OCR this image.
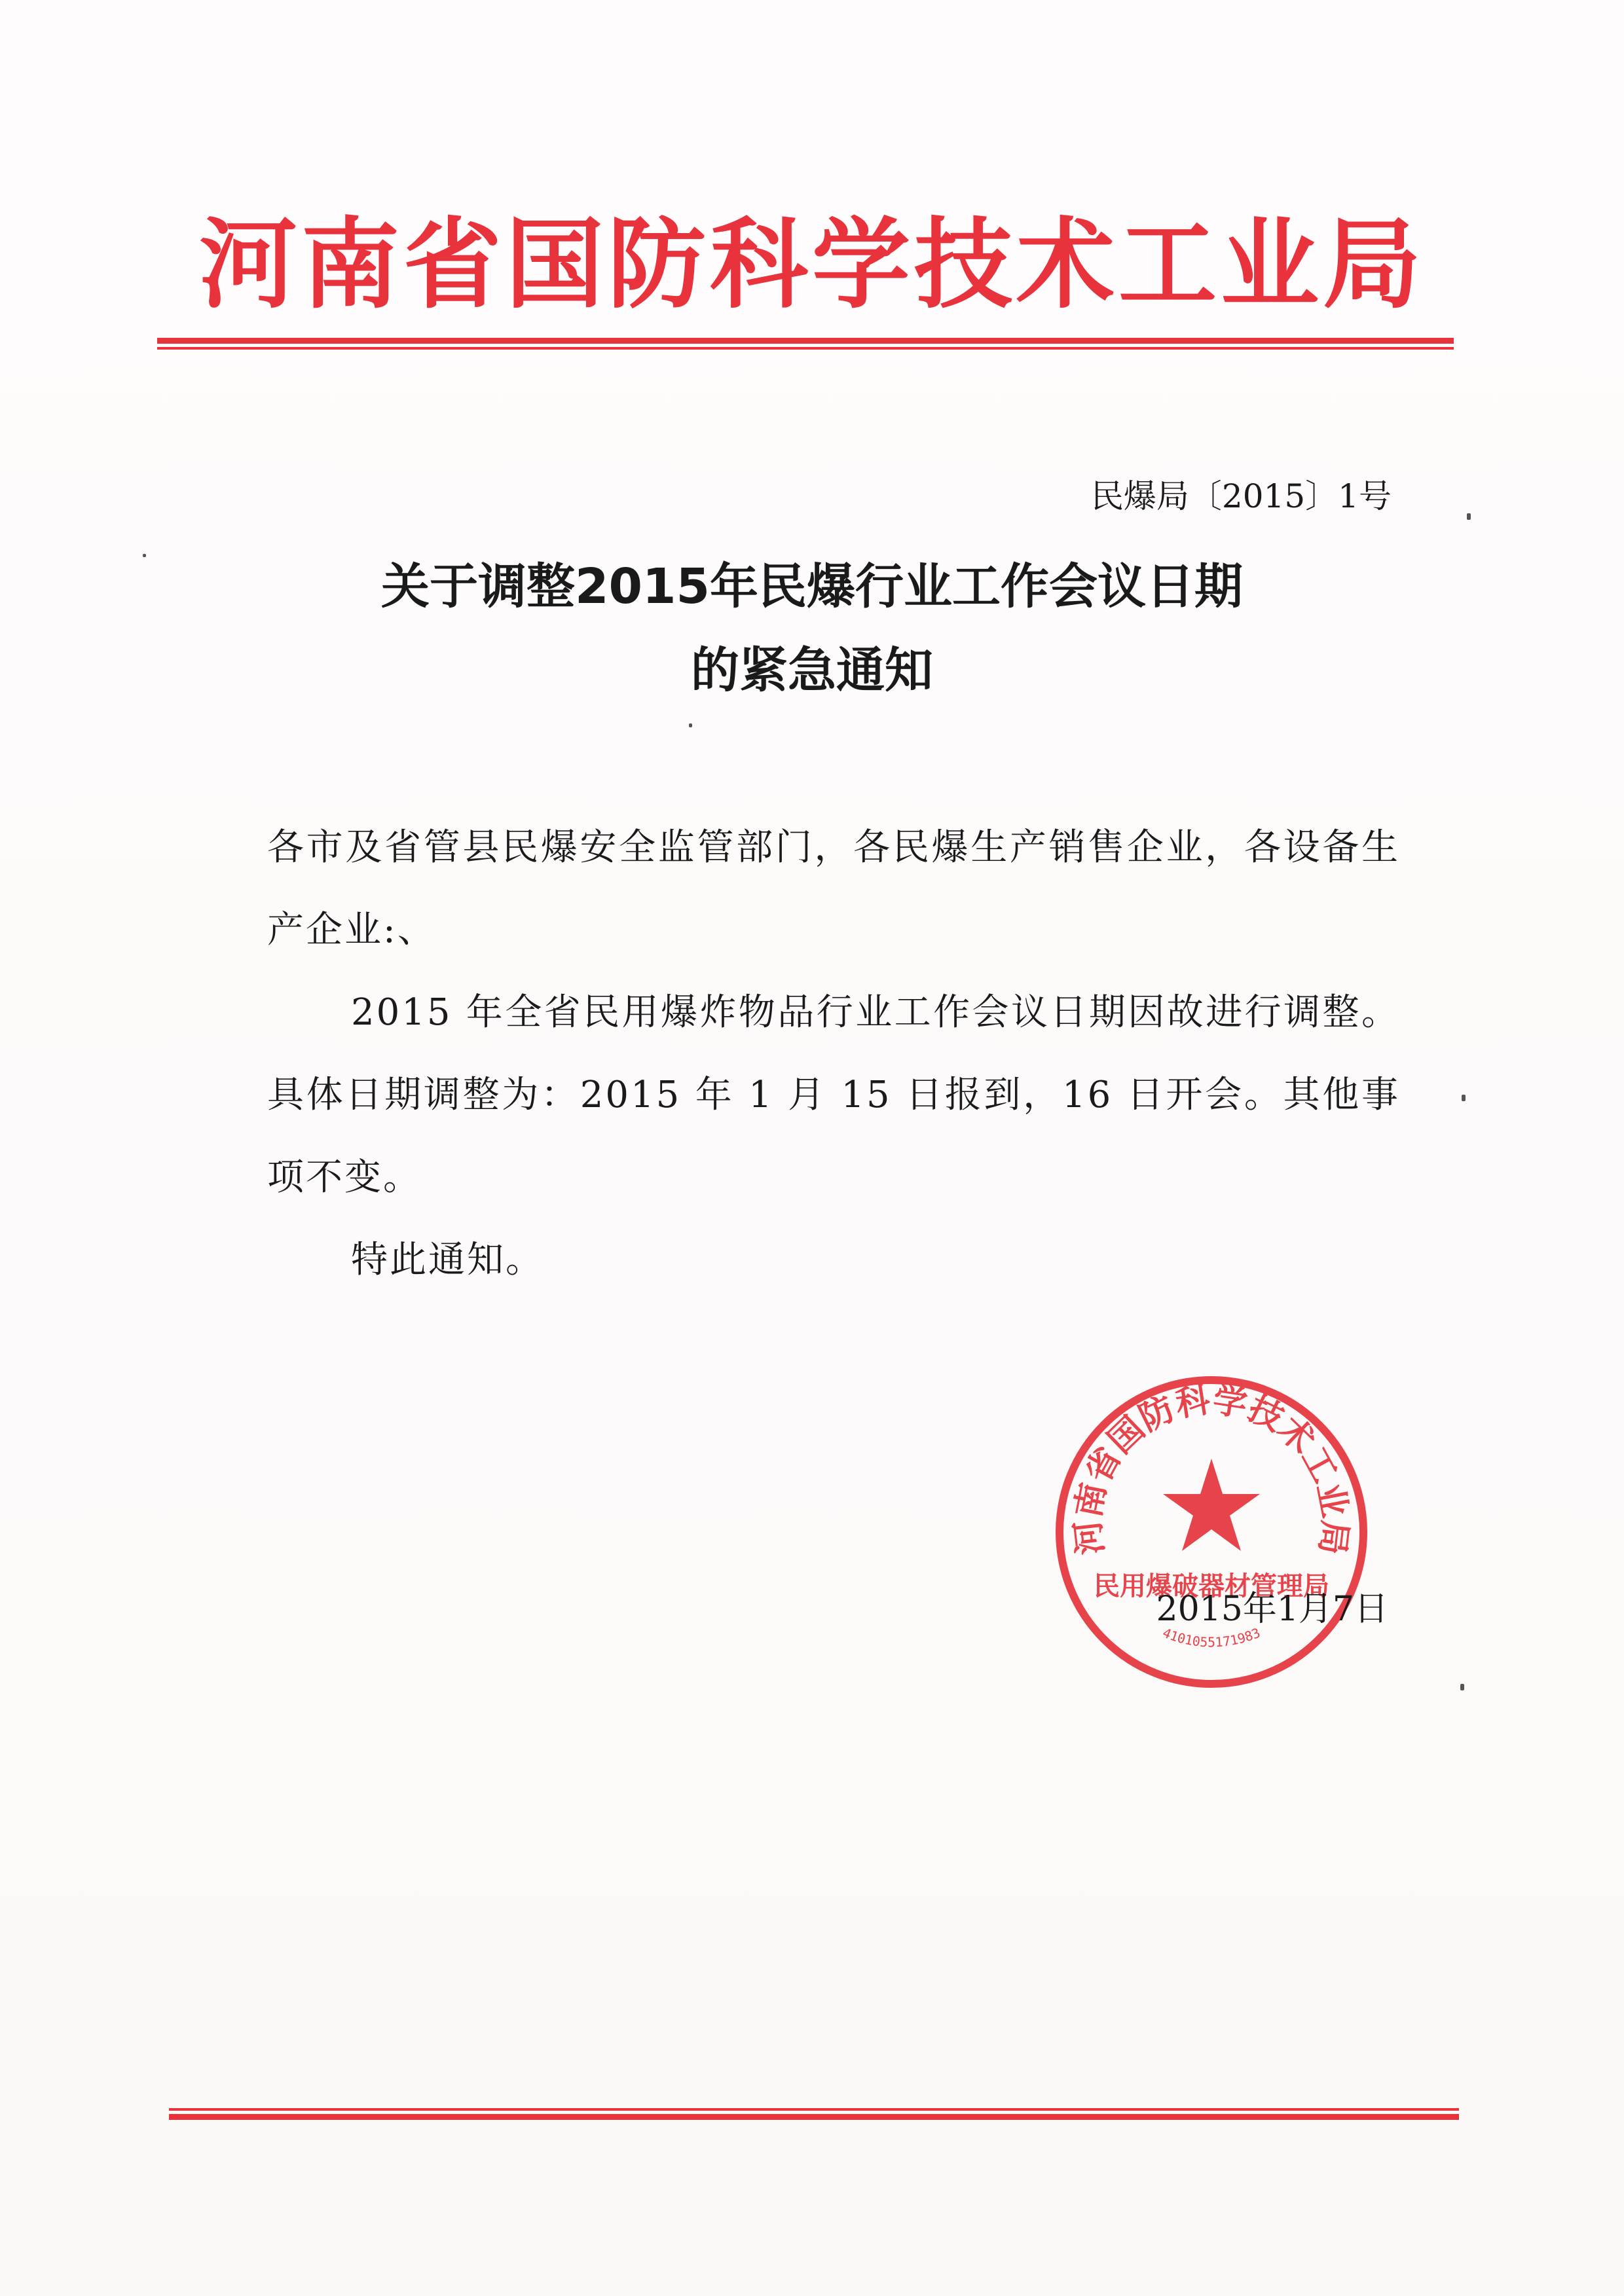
河南省国防科学技术工业局
民爆局〔2015〕1号
关于调整2015年民爆行业工作会议日期
的紧急通知

各市及省管县民爆安全监管部门，各民爆生产销售企业，各设备生产企业:、

2015 年全省民用爆炸物品行业工作会议日期因故进行调整。具体日期调整为：2015 年 1 月 15 日报到，16 日开会。其他事项不变。

特此通知。

河南省国防科学技术工业局
民用爆破器材管理局
4101055171983
2015年1月7日
